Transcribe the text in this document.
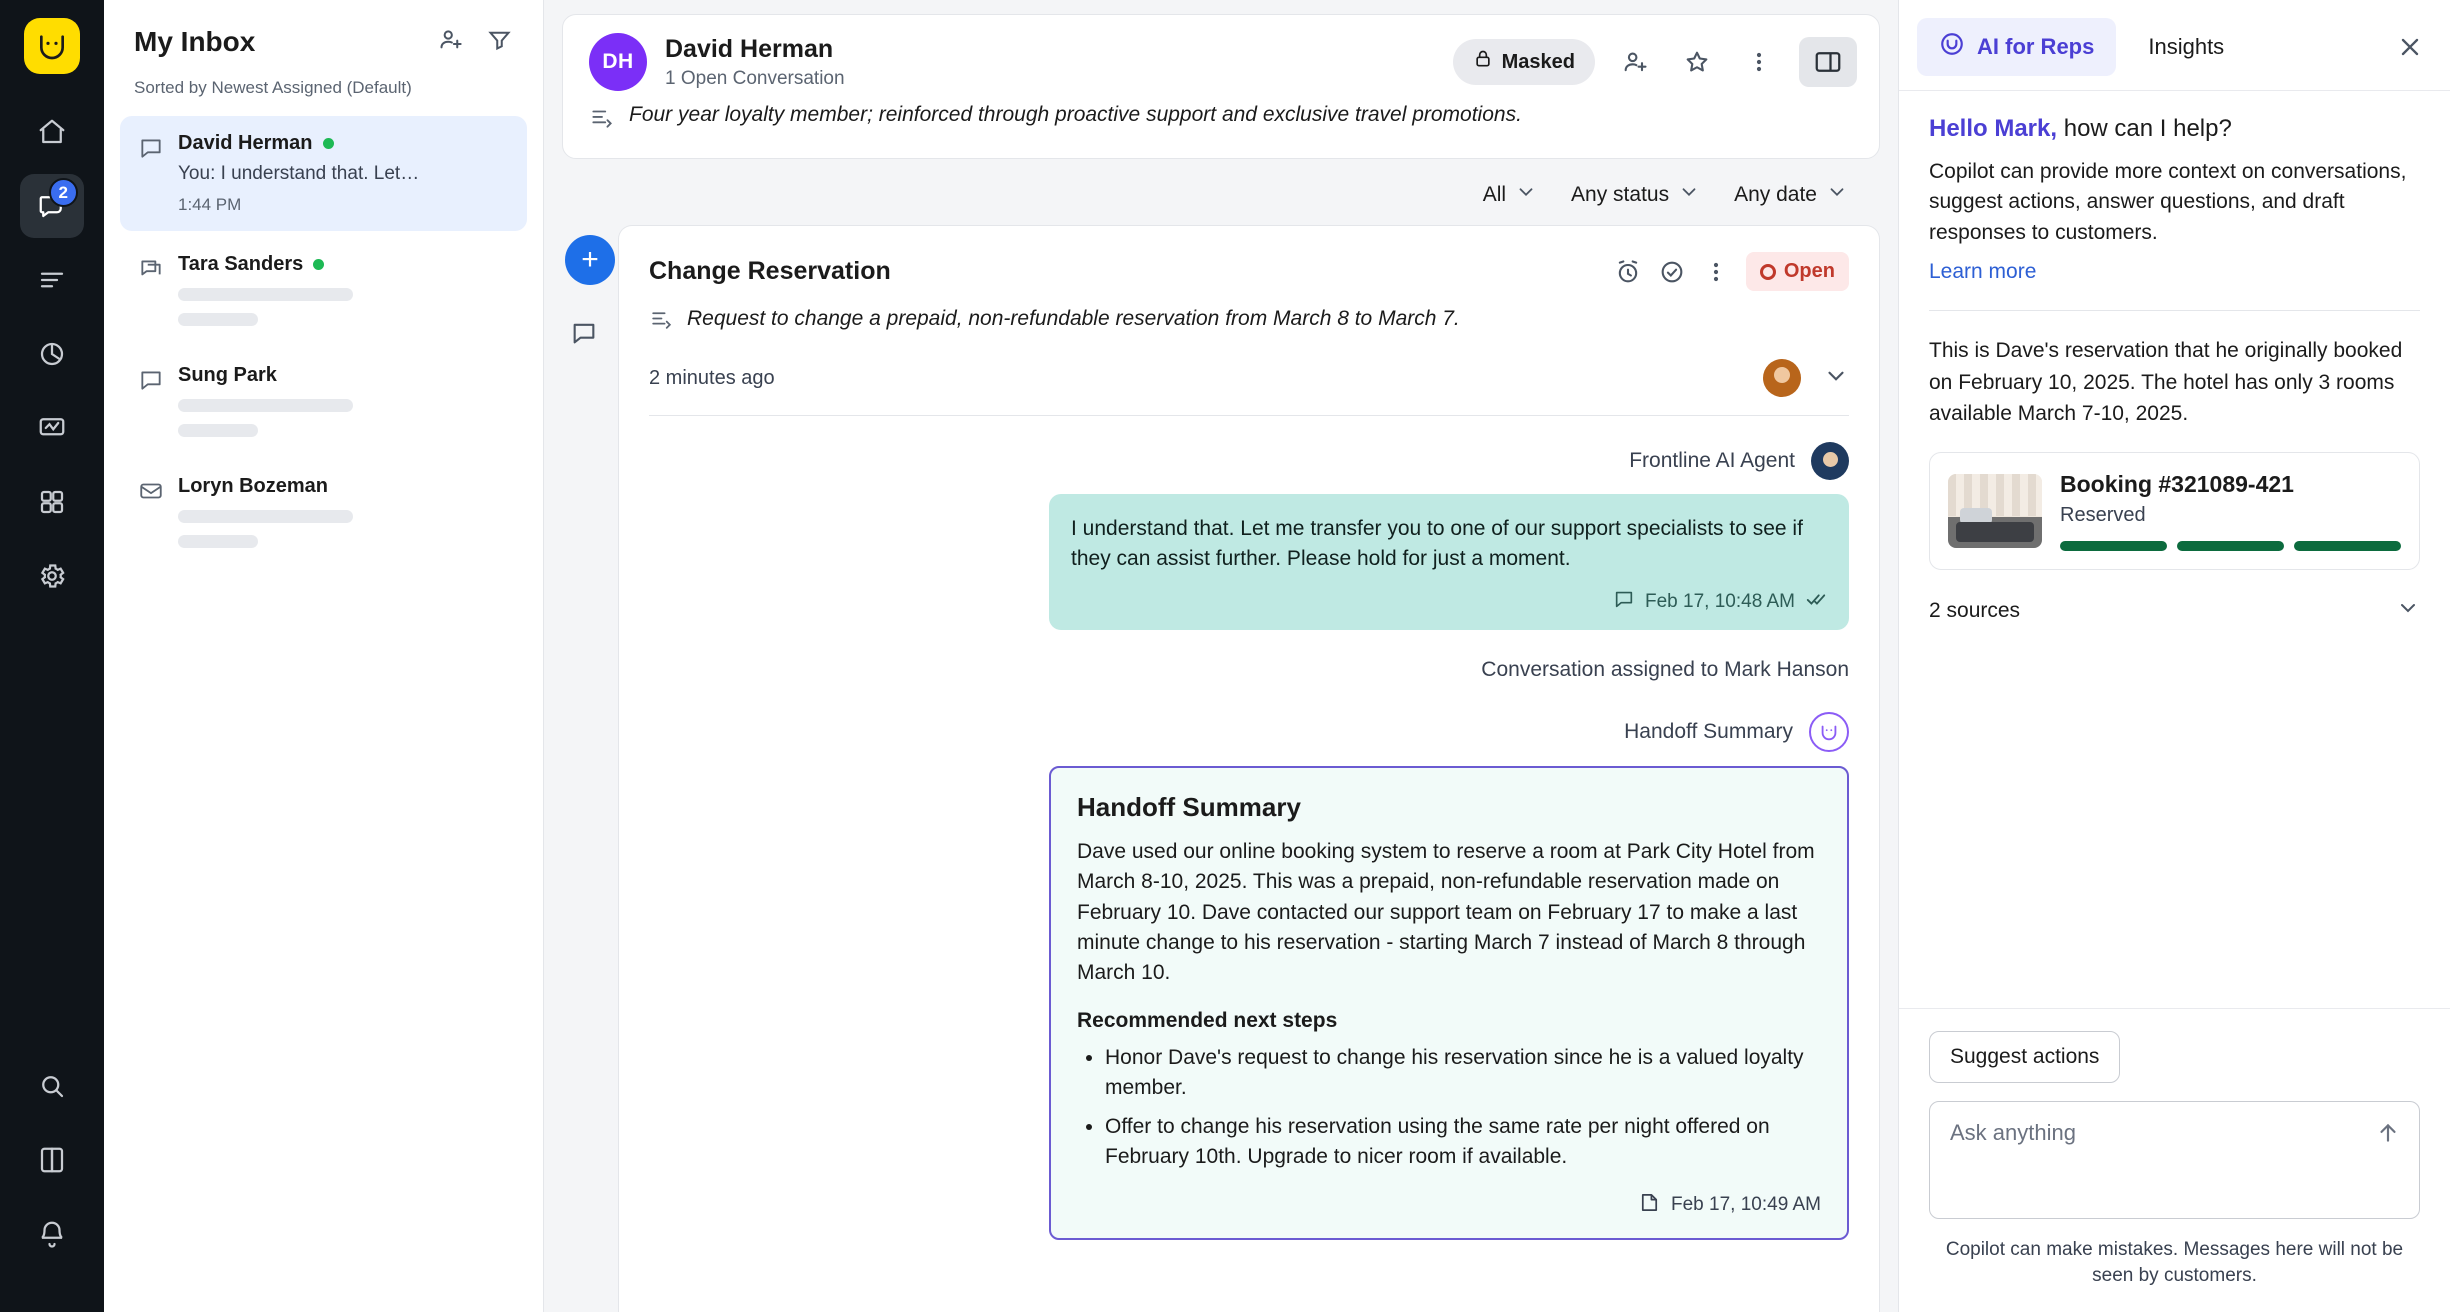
2
My Inbox
Sorted by Newest Assigned (Default)
David Herman
You: I understand that. Let…
1:44 PM
Tara Sanders
Sung Park
Loryn Bozeman
DH	David Herman
1 Open Conversation
Masked
Four year loyalty member; reinforced through proactive support and exclusive travel promotions.
All	Any status	Any date
+	Change Reservation	Open
Request to change a prepaid, non-refundable reservation from March 8 to March 7.
2 minutes ago
Frontline AI Agent
I understand that. Let me transfer you to one of our support specialists to see if they can assist further. Please hold for just a moment.
Feb 17, 10:48 AM
Conversation assigned to Mark Hanson
Handoff Summary
Handoff Summary
Dave used our online booking system to reserve a room at Park City Hotel from March 8-10, 2025. This was a prepaid, non-refundable reservation made on February 10. Dave contacted our support team on February 17 to make a last minute change to his reservation - starting March 7 instead of March 8 through March 10.
Recommended next steps
• Honor Dave's request to change his reservation since he is a valued loyalty member.
• Offer to change his reservation using the same rate per night offered on February 10th. Upgrade to nicer room if available.
Feb 17, 10:49 AM
AI for Reps Insights
Hello Mark, how can I help?
Copilot can provide more context on conversations, suggest actions, answer questions, and draft responses to customers.
Learn more
This is Dave's reservation that he originally booked on February 10, 2025. The hotel has only 3 rooms available March 7-10, 2025.
Booking #321089-421
Reserved
2 sources
Suggest actions
Ask anything
Copilot can make mistakes. Messages here will not be seen by customers.
